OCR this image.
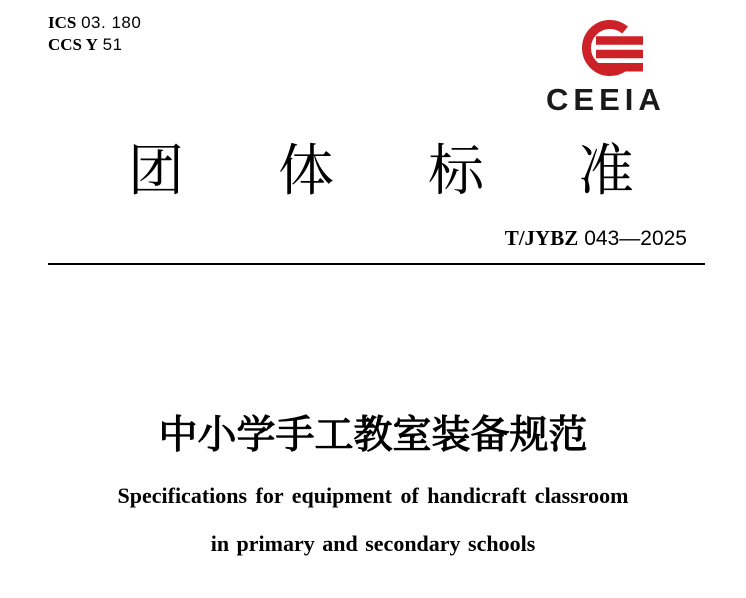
ICS 03. 180
CCS Y 51
CEEIA
团 体 标 准
T/JYBZ 043—2025
中小学手工教室装备规范
Specifications for equipment of handicraft classroom
in primary and secondary schools
